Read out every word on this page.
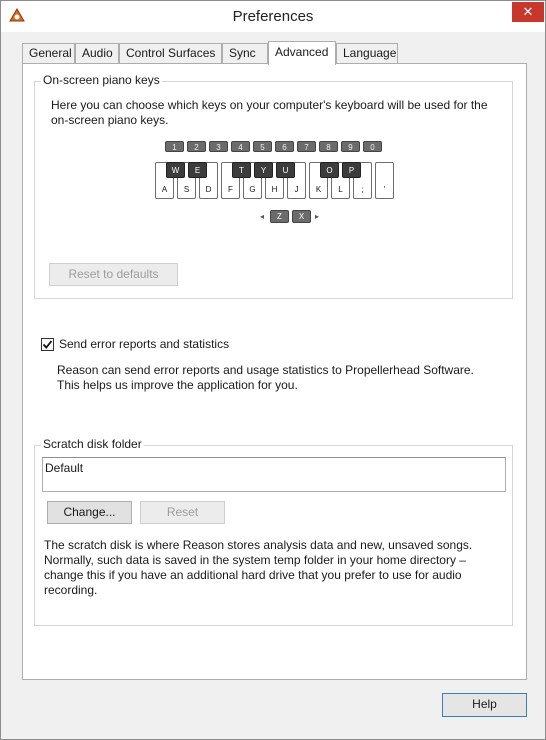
Preferences	✕
General Audio	Control Surfaces	Sync	Advanced	Language
On-screen piano keys
Here you can choose which keys on your computer's keyboard will be used for the
on-screen piano keys.
1	2	3	4	5	6	7	8	9	0
A	S	D	F	G	H	J	K	L	;	'
W	E	T	Y	U	O	P
◂	Z	X	▸
Reset to defaults
Send error reports and statistics
Reason can send error reports and usage statistics to Propellerhead Software.
This helps us improve the application for you.
Scratch disk folder
Default
Change...	Reset
The scratch disk is where Reason stores analysis data and new, unsaved songs.
Normally, such data is saved in the system temp folder in your home directory –
change this if you have an additional hard drive that you prefer to use for audio
recording.
Help
